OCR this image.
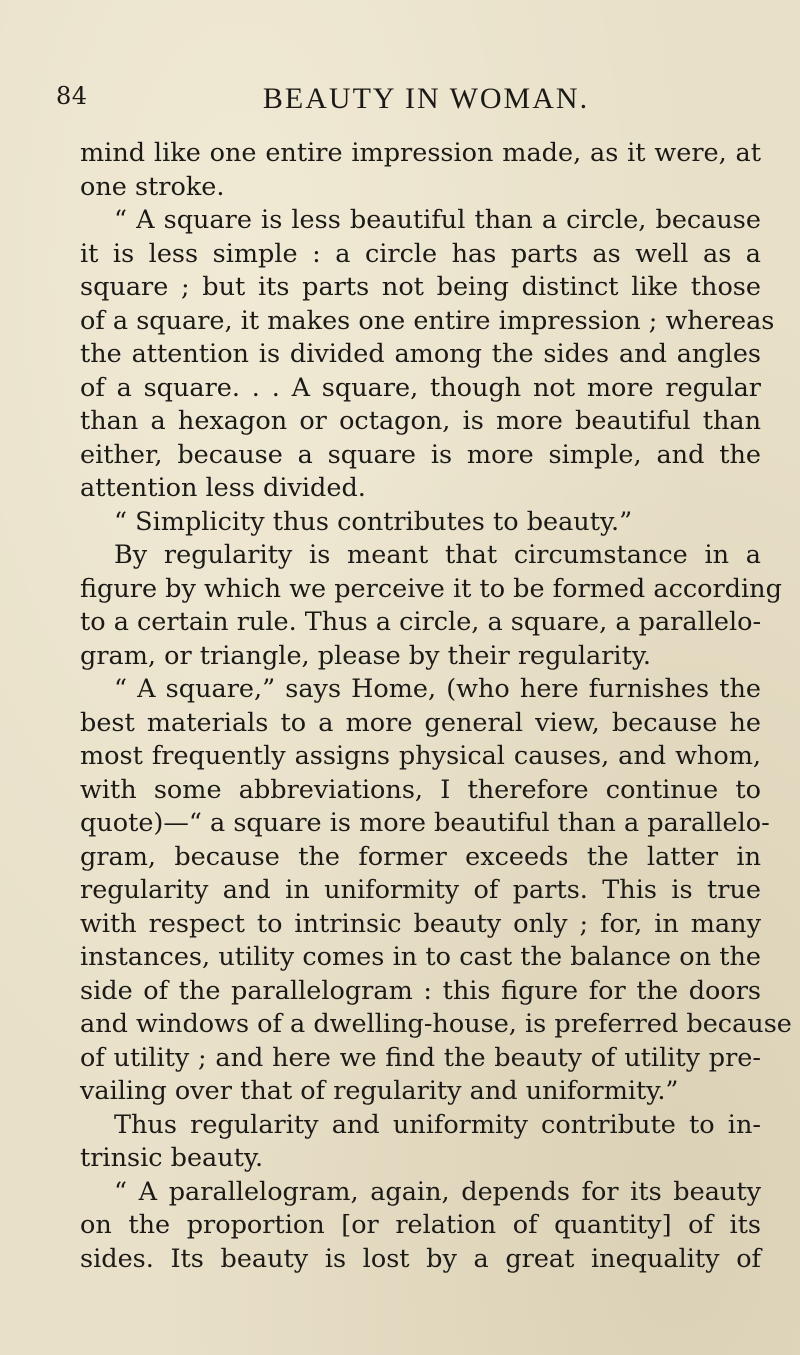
84	BEAUTY IN WOMAN.
mind like one entire impression made, as it were, at
one stroke.
“ A square is less beautiful than a circle, because
it is less simple : a circle has parts as well as a
square ; but its parts not being distinct like those
of a square, it makes one entire impression ; whereas
the attention is divided among the sides and angles
of a square. . . A square, though not more regular
than a hexagon or octagon, is more beautiful than
either, because a square is more simple, and the
attention less divided.
“ Simplicity thus contributes to beauty.”
By regularity is meant that circumstance in a
figure by which we perceive it to be formed according
to a certain rule. Thus a circle, a square, a parallelo-
gram, or triangle, please by their regularity.
“ A square,” says Home, (who here furnishes the
best materials to a more general view, because he
most frequently assigns physical causes, and whom,
with some abbreviations, I therefore continue to
quote)—“ a square is more beautiful than a parallelo-
gram, because the former exceeds the latter in
regularity and in uniformity of parts. This is true
with respect to intrinsic beauty only ; for, in many
instances, utility comes in to cast the balance on the
side of the parallelogram : this figure for the doors
and windows of a dwelling-house, is preferred because
of utility ; and here we find the beauty of utility pre-
vailing over that of regularity and uniformity.”
Thus regularity and uniformity contribute to in-
trinsic beauty.
“ A parallelogram, again, depends for its beauty
on the proportion [or relation of quantity] of its
sides. Its beauty is lost by a great inequality of
